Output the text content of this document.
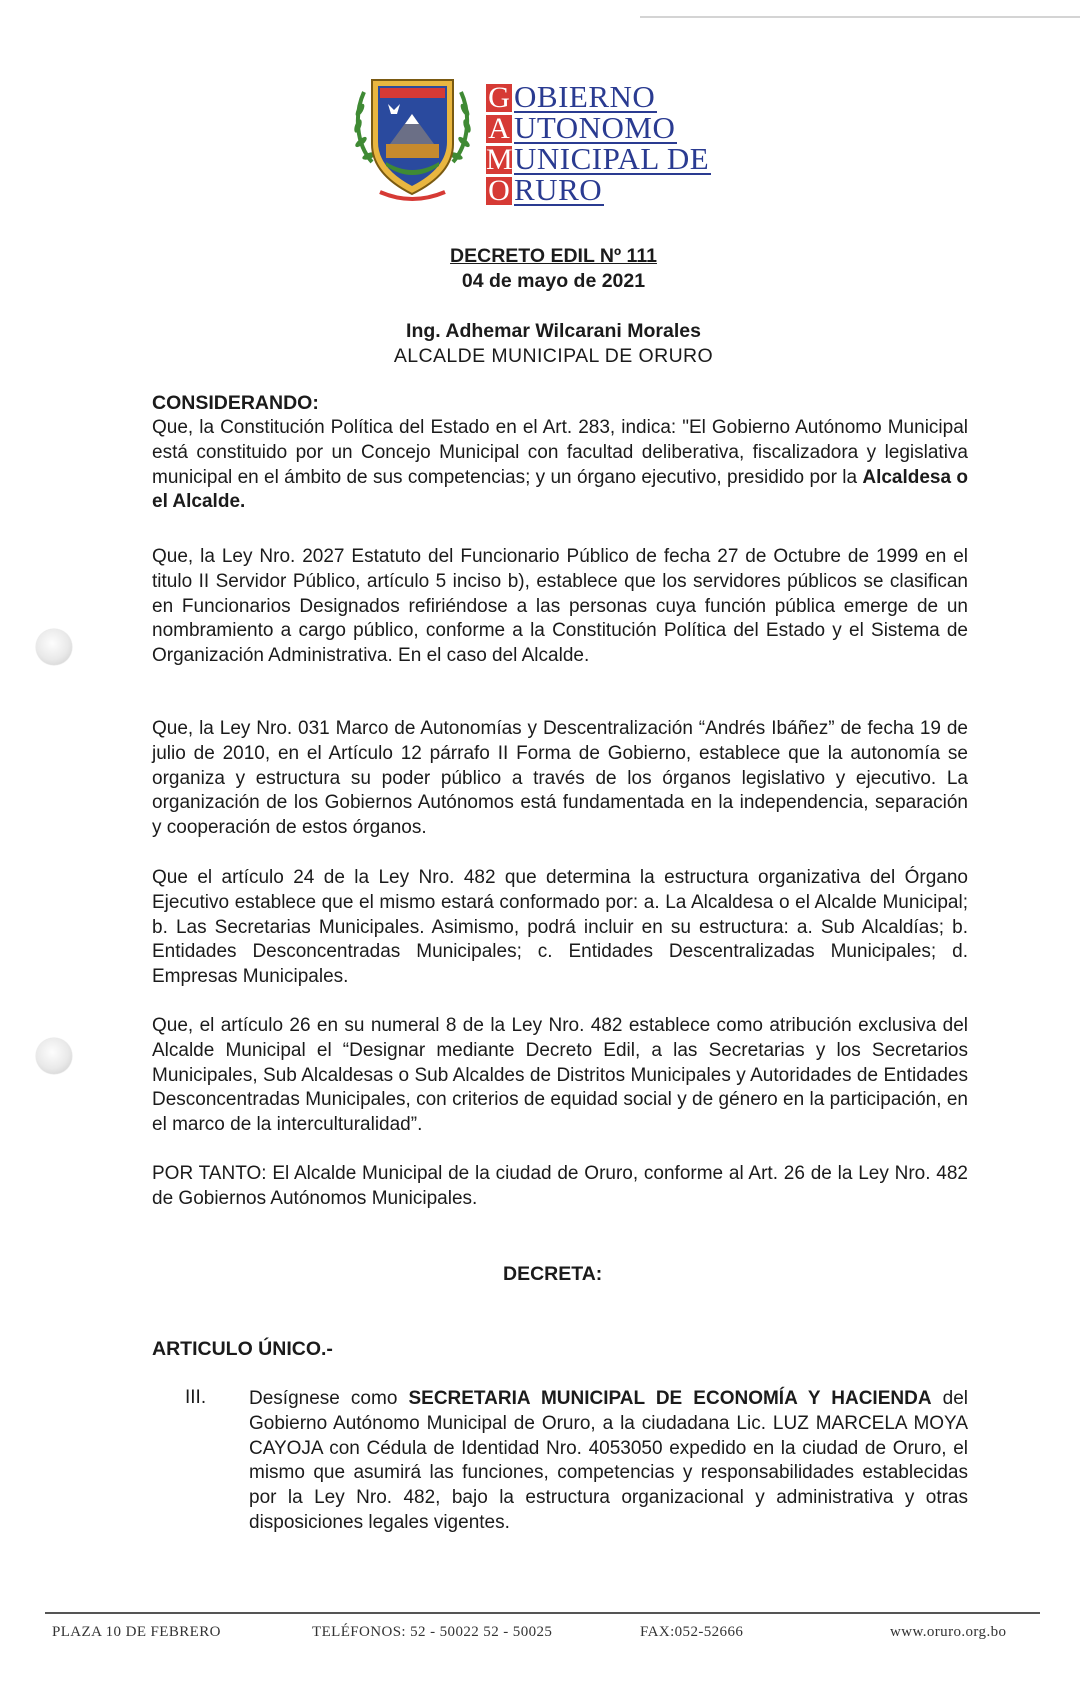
G OBIERNO
A UTONOMO
M UNICIPAL DE
O RURO
DECRETO EDIL Nº 111
04 de mayo de 2021
Ing. Adhemar Wilcarani Morales
ALCALDE MUNICIPAL DE ORURO
CONSIDERANDO:

Que, la Constitución Política del Estado en el Art. 283, indica: "El Gobierno Autónomo Municipal está constituido por un Concejo Municipal con facultad deliberativa, fiscalizadora y legislativa municipal en el ámbito de sus competencias; y un órgano ejecutivo, presidido por la Alcaldesa o el Alcalde.

Que, la Ley Nro. 2027 Estatuto del Funcionario Público de fecha 27 de Octubre de 1999 en el titulo II Servidor Público, artículo 5 inciso b), establece que los servidores públicos se clasifican en Funcionarios Designados refiriéndose a las personas cuya función pública emerge de un nombramiento a cargo público, conforme a la Constitución Política del Estado y el Sistema de Organización Administrativa. En el caso del Alcalde.

Que, la Ley Nro. 031 Marco de Autonomías y Descentralización “Andrés Ibáñez” de fecha 19 de julio de 2010, en el Artículo 12 párrafo II Forma de Gobierno, establece que la autonomía se organiza y estructura su poder público a través de los órganos legislativo y ejecutivo. La organización de los Gobiernos Autónomos está fundamentada en la independencia, separación y cooperación de estos órganos.

Que el artículo 24 de la Ley Nro. 482 que determina la estructura organizativa del Órgano Ejecutivo establece que el mismo estará conformado por: a. La Alcaldesa o el Alcalde Municipal; b. Las Secretarias Municipales. Asimismo, podrá incluir en su estructura: a. Sub Alcaldías; b. Entidades Desconcentradas Municipales; c. Entidades Descentralizadas Municipales; d. Empresas Municipales.

Que, el artículo 26 en su numeral 8 de la Ley Nro. 482 establece como atribución exclusiva del Alcalde Municipal el “Designar mediante Decreto Edil, a las Secretarias y los Secretarios Municipales, Sub Alcaldesas o Sub Alcaldes de Distritos Municipales y Autoridades de Entidades Desconcentradas Municipales, con criterios de equidad social y de género en la participación, en el marco de la interculturalidad”.

POR TANTO: El Alcalde Municipal de la ciudad de Oruro, conforme al Art. 26 de la Ley Nro. 482 de Gobiernos Autónomos Municipales.

DECRETA:
ARTICULO ÚNICO.-
III. Desígnese como SECRETARIA MUNICIPAL DE ECONOMÍA Y HACIENDA del Gobierno Autónomo Municipal de Oruro, a la ciudadana Lic. LUZ MARCELA MOYA CAYOJA con Cédula de Identidad Nro. 4053050 expedido en la ciudad de Oruro, el mismo que asumirá las funciones, competencias y responsabilidades establecidas por la Ley Nro. 482, bajo la estructura organizacional y administrativa y otras disposiciones legales vigentes.
PLAZA 10 DE FEBRERO	TELÉFONOS: 52 - 50022 52 - 50025	FAX:052-52666	www.oruro.org.bo
